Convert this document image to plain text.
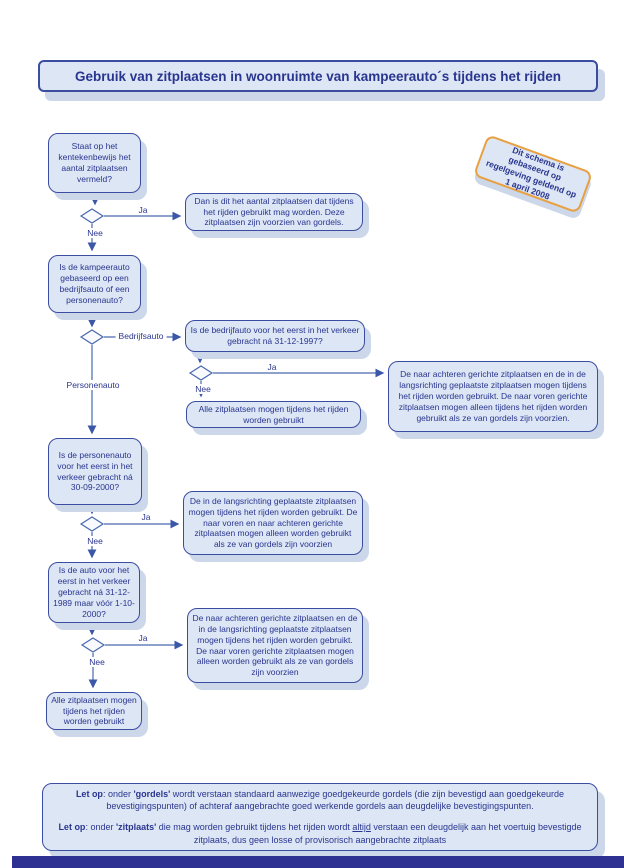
Gebruik van zitplaatsen in woonruimte van kampeerauto´s tijdens het rijden
Dit schema is gebaseerd op regelgeving geldend op 1 april 2008
Staat op het kentekenbewijs het aantal zitplaatsen vermeld?
Dan is dit het aantal zitplaatsen dat tijdens het rijden gebruikt mag worden. Deze zitplaatsen zijn voorzien van gordels.
Is de kampeerauto gebaseerd op een bedrijfsauto of een personenauto?
Is de bedrijfauto voor het eerst in het verkeer gebracht ná 31-12-1997?
De naar achteren gerichte zitplaatsen en de in de langsrichting geplaatste zitplaatsen mogen tijdens het rijden worden gebruikt. De naar voren gerichte zitplaatsen mogen alleen tijdens het rijden worden gebruikt als ze van gordels zijn voorzien.
Alle zitplaatsen mogen tijdens het rijden worden gebruikt
Is de personenauto voor het eerst in het verkeer gebracht ná 30-09-2000?
De in de langsrichting geplaatste zitplaatsen mogen tijdens het rijden worden gebruikt. De naar voren en naar achteren gerichte zitplaatsen mogen alleen worden gebruikt als ze van gordels zijn voorzien
Is de auto voor het eerst in het verkeer gebracht ná 31-12-1989 maar vóór 1-10-2000?	De naar achteren gerichte zitplaatsen en de in de langsrichting geplaatste zitplaatsen mogen tijdens het rijden worden gebruikt. De naar voren gerichte zitplaatsen mogen alleen worden gebruikt als ze van gordels zijn voorzien
Alle zitplaatsen mogen tijdens het rijden worden gebruikt
Ja
Nee
Bedrijfsauto
Personenauto
Ja
Nee
Ja
Nee
Ja
Nee

Let op: onder 'gordels' wordt verstaan standaard aanwezige goedgekeurde gordels (die zijn bevestigd aan goedgekeurde bevestigingspunten) of achteraf aangebrachte goed werkende gordels aan deugdelijke bevestigingspunten.

Let op: onder 'zitplaats' die mag worden gebruikt tijdens het rijden wordt altijd verstaan een deugdelijk aan het voertuig bevestigde zitplaats, dus geen losse of provisorisch aangebrachte zitplaats
